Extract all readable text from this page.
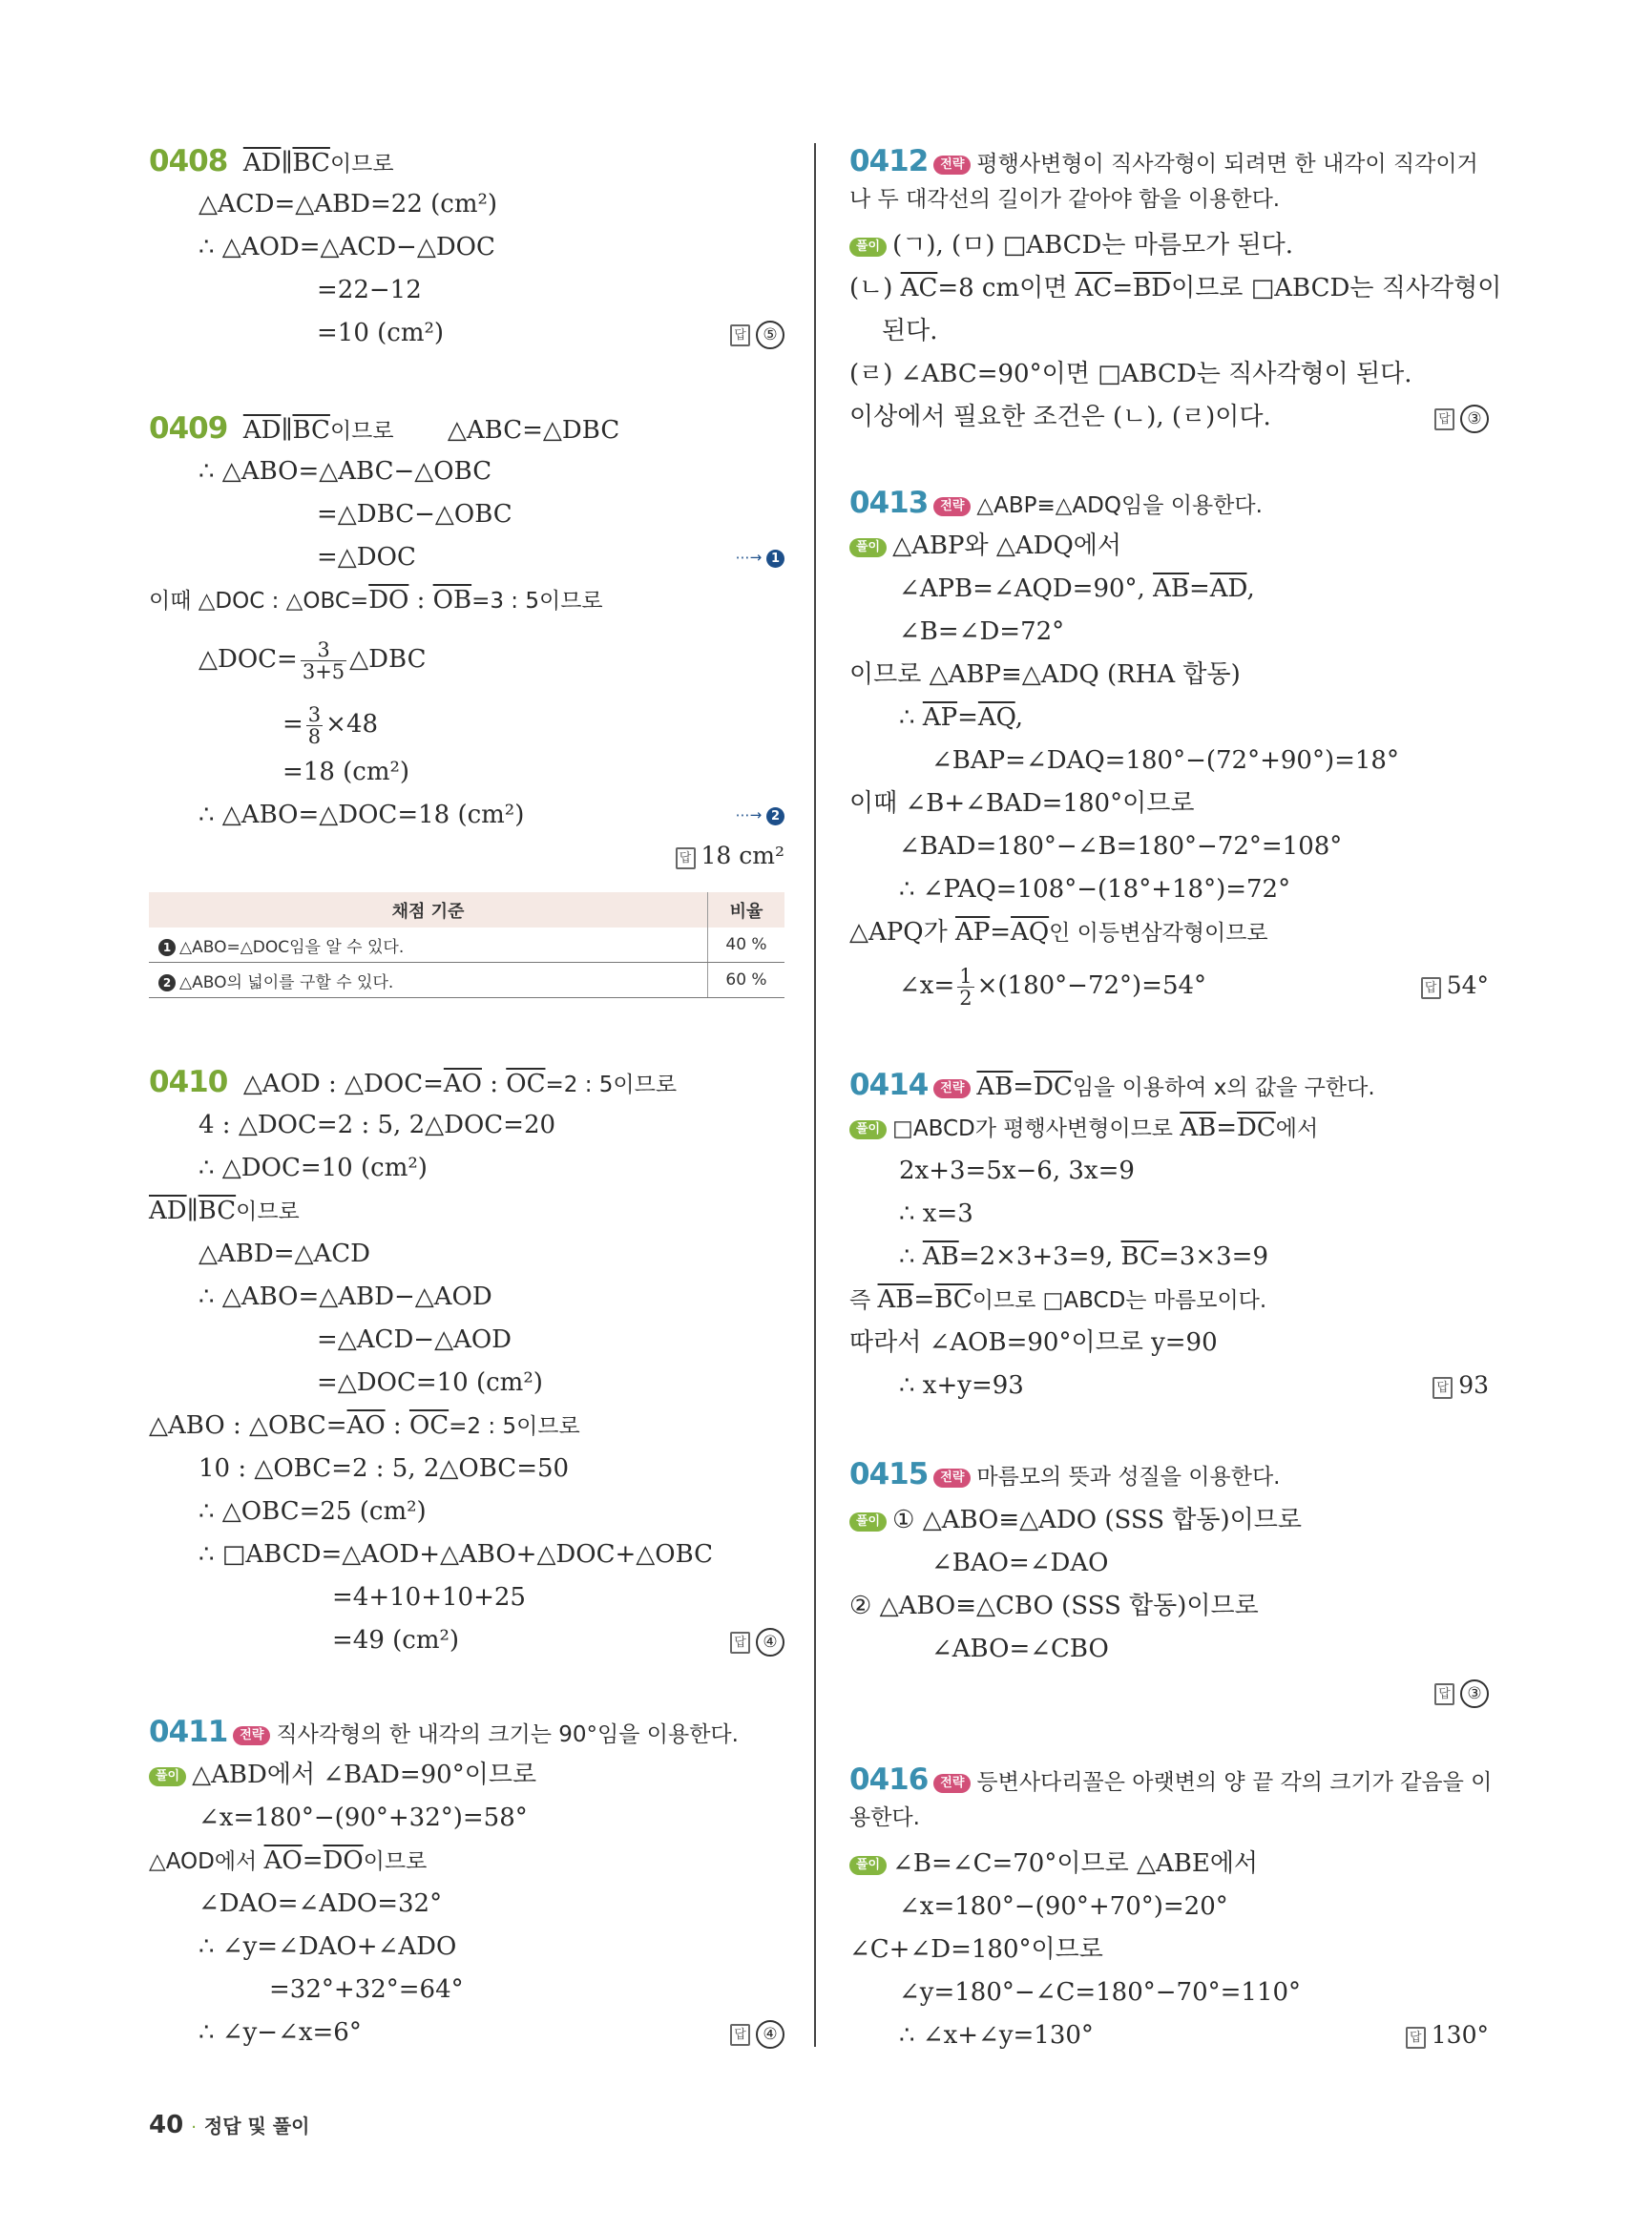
0408 $\overline{AD}\parallel\overline{BC}$이므로
△ACD=△ABD=22 (cm²)
∴ △AOD=△ACD−△DOC
=22−12
=10 (cm²)	답 ⑤
0409 $\overline{AD}\parallel\overline{BC}$이므로 △ABC=△DBC
∴ △ABO=△ABC−△OBC
=△DBC−△OBC
=△DOC	⋯→ 1
이때 △DOC : $\triangle OBC=\overline{DO}$ : $\overline{OB}=3$ : 5이므로
△DOC= $\frac{3}{3+5}$ △DBC
= $\frac{3}{8} \times 48$
=18 (cm²)
∴ △ABO=△DOC=18 (cm²)	⋯→ 2
답 18 cm²
채점 기준	비율
1 △ABO=△DOC임을 알 수 있다.	40 %
2 △ABO의 넓이를 구할 수 있다.	60 %
0410 △AOD : $\triangle DOC=\overline{AO}$ : $\overline{OC}=2$ : 5이므로
4 : △DOC=2 : 5, 2△DOC=20
∴ △DOC=10 (cm²)
$\overline{AD}\parallel\overline{BC}$이므로
△ABD=△ACD
∴ △ABO=△ABD−△AOD
=△ACD−△AOD
=△DOC=10 (cm²)
△ABO : $\triangle OBC=\overline{AO}$ : $\overline{OC}=2$ : 5이므로
10 : △OBC=2 : 5, 2△OBC=50
∴ △OBC=25 (cm²)
∴ □ABCD=△AOD+△ABO+△DOC+△OBC
=4+10+10+25
=49 (cm²)	답 ④
0411 전략 직사각형의 한 내각의 크기는 90°임을 이용한다.
풀이 △ABD에서 ∠BAD=90°이므로
∠x=180°−(90°+32°)=58°
△AOD에서 $\overline{AO}=\overline{DO}$이므로
∠DAO=∠ADO=32°
∴ ∠y=∠DAO+∠ADO
=32°+32°=64°
∴ ∠y−∠x=6°	답 ④
0412 전략 평행사변형이 직사각형이 되려면 한 내각이 직각이거
나 두 대각선의 길이가 같아야 함을 이용한다.
풀이 (ㄱ), (ㅁ) □ABCD는 마름모가 된다.
(ㄴ) $\overline{AC}=8$ cm이면 $\overline{AC}=\overline{BD}$이므로 □ABCD는 직사각형이
된다.
(ㄹ) ∠ABC=90°이면 □ABCD는 직사각형이 된다.
이상에서 필요한 조건은 (ㄴ), (ㄹ)이다.	답 ③
0413 전략 △ABP≡△ADQ임을 이용한다.
풀이 △ABP와 △ADQ에서
∠APB=∠AQD=90°, $\overline{AB}=\overline{AD}$,
∠B=∠D=72°
이므로 △ABP≡△ADQ (RHA 합동)
∴ $\overline{AP}=\overline{AQ}$,
∠BAP=∠DAQ=180°−(72°+90°)=18°
이때 ∠B+∠BAD=180°이므로
∠BAD=180°−∠B=180°−72°=108°
∴ ∠PAQ=108°−(18°+18°)=72°
△APQ가 $\overline{AP}=\overline{AQ}$인 이등변삼각형이므로
∠x= $\frac{1}{2} \times(180^\circ-72^\circ)=54^\circ$	답 54°
0414 전략 $\overline{AB}=\overline{DC}$임을 이용하여 x의 값을 구한다.
풀이 □ABCD가 평행사변형이므로 $\overline{AB}=\overline{DC}$에서
2x+3=5x−6, 3x=9
∴ x=3
∴ $\overline{AB}=2\times 3+3=9$, $\overline{BC}=3\times 3=9$
즉 $\overline{AB}=\overline{BC}$이므로 □ABCD는 마름모이다.
따라서 ∠AOB=90°이므로 y=90
∴ x+y=93	답 93
0415 전략 마름모의 뜻과 성질을 이용한다.
풀이 ① △ABO≡△ADO (SSS 합동)이므로
∠BAO=∠DAO
② △ABO≡△CBO (SSS 합동)이므로
∠ABO=∠CBO
답 ③
0416 전략 등변사다리꼴은 아랫변의 양 끝 각의 크기가 같음을 이
용한다.
풀이 ∠B=∠C=70°이므로 △ABE에서
∠x=180°−(90°+70°)=20°
∠C+∠D=180°이므로
∠y=180°−∠C=180°−70°=110°
∴ ∠x+∠y=130°	답 130°
40 · 정답 및 풀이
